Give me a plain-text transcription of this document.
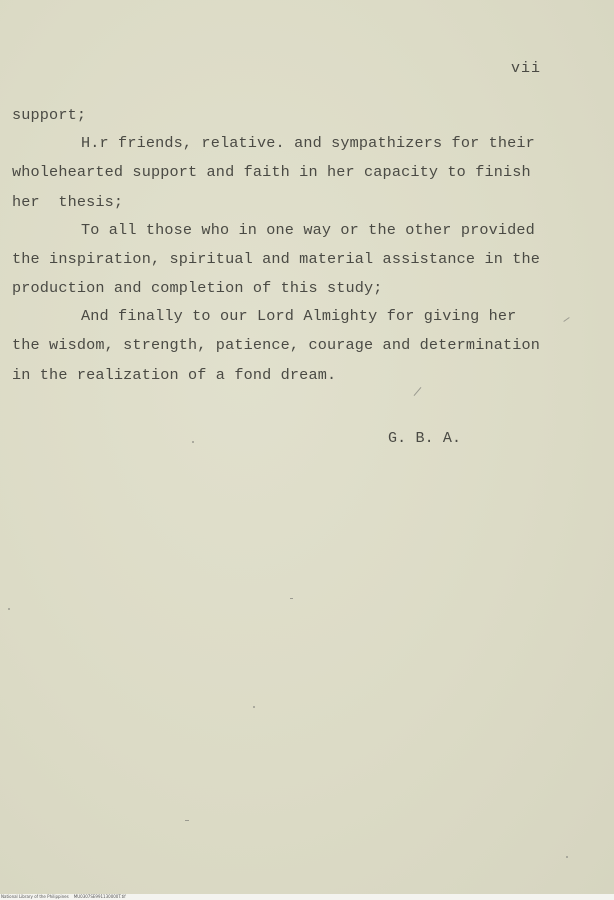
vii
support;
H.r friends, relative. and sympathizers for their
wholehearted support and faith in her capacity to finish
her  thesis;
To all those who in one way or the other provided
the inspiration, spiritual and material assistance in the
production and completion of this study;
And finally to our Lord Almighty for giving her
the wisdom, strength, patience, courage and determination
in the realization of a fond dream.
G. B. A.
National Library of the Philippines    MU0307SE991130000T.tif
